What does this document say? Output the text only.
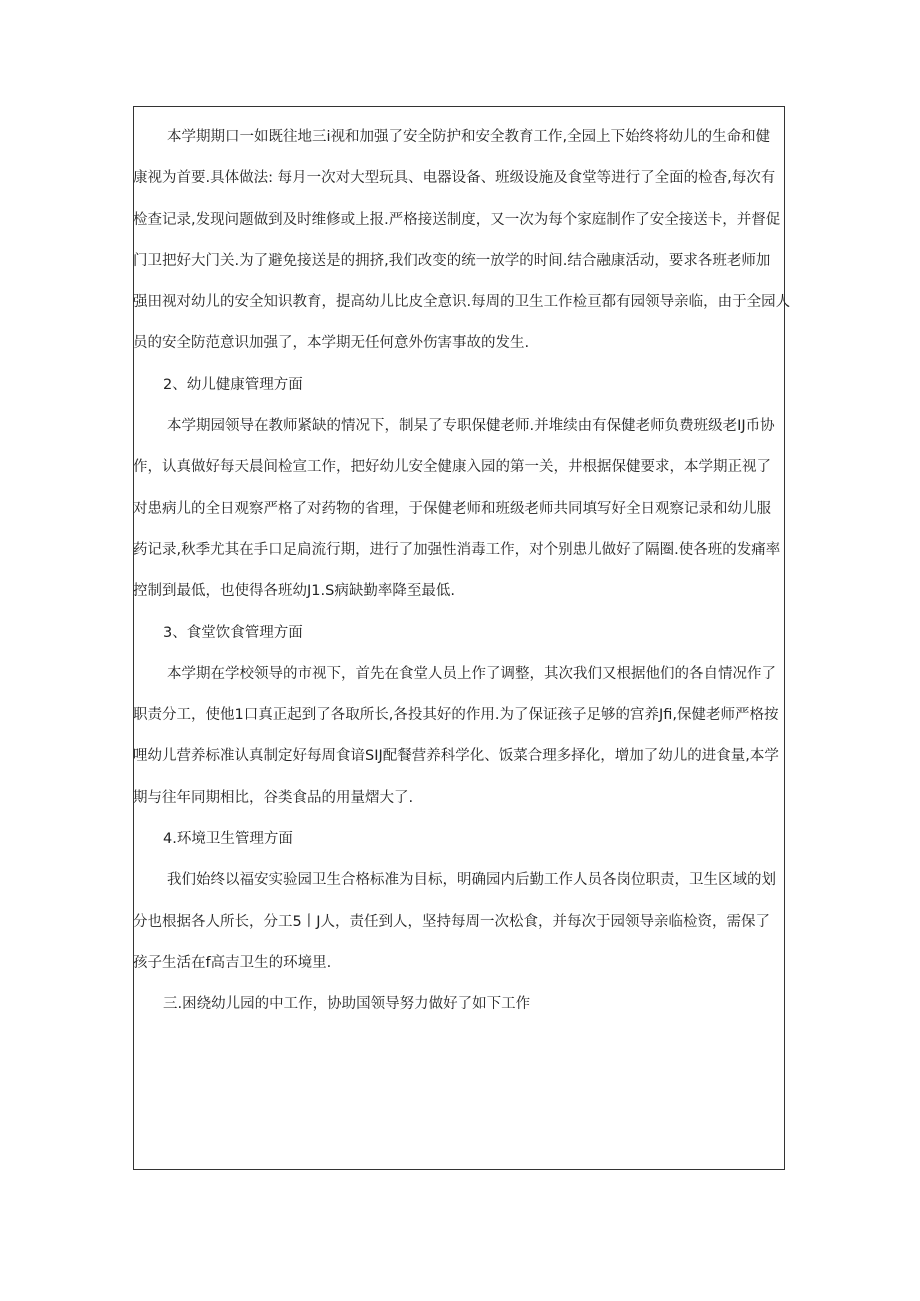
本学期期口一如既往地三i视和加强了安全防护和安全教育工作,全园上下始终将幼儿的生命和健
康视为首要.具体做法: 每月一次对大型玩具、电器设备、班级设施及食堂等进行了全面的检杳,每次有
检查记录,发现问题做到及时维修或上报.严格接送制度，又一次为每个家庭制作了安全接送卡，并督促
门卫把好大门关.为了避免接送是的拥挤,我们改变的统一放学的时间.结合融康活动，要求各班老师加
强田视对幼儿的安全知识教育，提高幼儿比皮全意识.每周的卫生工作检亘都有园领导亲临，由于全园人
员的安全防范意识加强了，本学期无任何意外伤害事故的发生.
2、幼儿健康管理方面
本学期园领导在教师紧缺的情况下，制杲了专职保健老师.并堆续由有保健老师负费班级老IJ币协
作，认真做好每天晨间检宣工作，把好幼儿安全健康入园的第一关，井根据保健要求，本学期正视了
对患病儿的全日观察严格了对药物的省理，于保健老师和班级老师共同填写好全日观察记录和幼儿服
药记录,秋季尤其在手口足扃流行期，进行了加强性消毒工作，对个别患儿做好了隔圈.使各班的发痛率
控制到最低，也使得各班幼J1.S病缺勤率降至最低.
3、食堂饮食管理方面
本学期在学校领导的市视下，首先在食堂人员上作了调整，其次我们又根据他们的各自情况作了
职责分工，使他1口真正起到了各取所长,各投其好的作用.为了保证孩子足够的宫养Jfi,保健老师严格按
哩幼儿营养标准认真制定好每周食谙SIJ配餐营养科学化、饭菜合理多择化，增加了幼儿的进食量,本学
期与往年同期相比，谷类食品的用量熠大了.
4.环境卫生管理方面
我们始终以福安实验园卫生合格标准为目标，明确园内后勤工作人员各岗位职责，卫生区域的划
分也根据各人所长，分工5丨J人，责任到人，坚持每周一次松食，并每次于园领导亲临检资，需保了
孩子生活在f高吉卫生的环境里.
三.困绕幼儿园的中工作，协助国领导努力做好了如下工作
